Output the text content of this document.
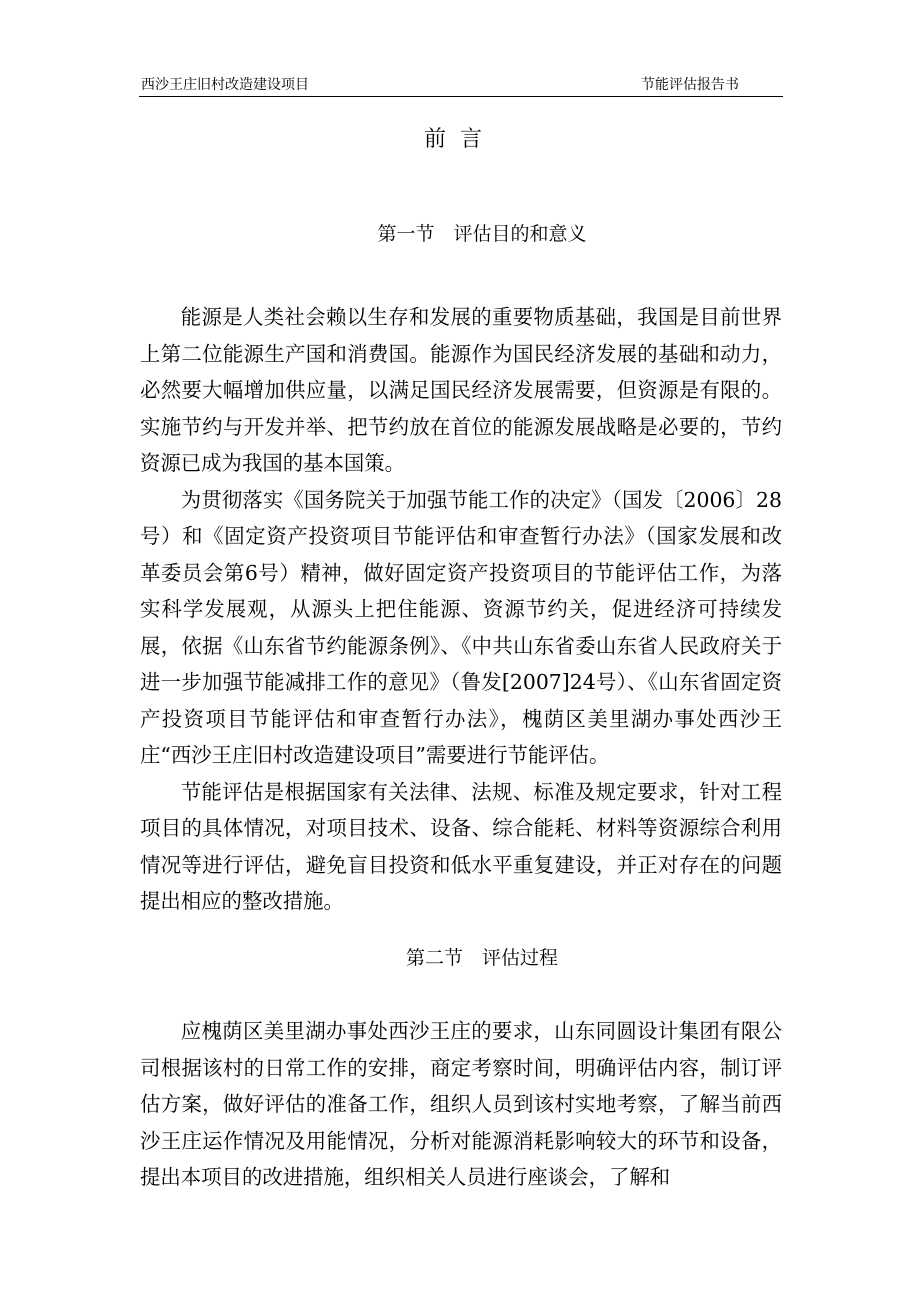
西沙王庄旧村改造建设项目	节能评估报告书
前言
第一节　评估目的和意义

能源是人类社会赖以生存和发展的重要物质基础，我国是目前世界上第二位能源生产国和消费国。能源作为国民经济发展的基础和动力，必然要大幅增加供应量，以满足国民经济发展需要，但资源是有限的。实施节约与开发并举、把节约放在首位的能源发展战略是必要的，节约资源已成为我国的基本国策。

为贯彻落实《国务院关于加强节能工作的决定》（国发〔2006〕28号）和《固定资产投资项目节能评估和审查暂行办法》（国家发展和改革委员会第6号）精神，做好固定资产投资项目的节能评估工作，为落实科学发展观，从源头上把住能源、资源节约关，促进经济可持续发展，依据《山东省节约能源条例》、《中共山东省委山东省人民政府关于进一步加强节能减排工作的意见》（鲁发[2007]24号）、《山东省固定资产投资项目节能评估和审查暂行办法》，槐荫区美里湖办事处西沙王庄“西沙王庄旧村改造建设项目”需要进行节能评估。

节能评估是根据国家有关法律、法规、标准及规定要求，针对工程项目的具体情况，对项目技术、设备、综合能耗、材料等资源综合利用情况等进行评估，避免盲目投资和低水平重复建设，并正对存在的问题提出相应的整改措施。

第二节　评估过程

应槐荫区美里湖办事处西沙王庄的要求，山东同圆设计集团有限公司根据该村的日常工作的安排，商定考察时间，明确评估内容，制订评估方案，做好评估的准备工作，组织人员到该村实地考察，了解当前西沙王庄运作情况及用能情况，分析对能源消耗影响较大的环节和设备，提出本项目的改进措施，组织相关人员进行座谈会，了解和
